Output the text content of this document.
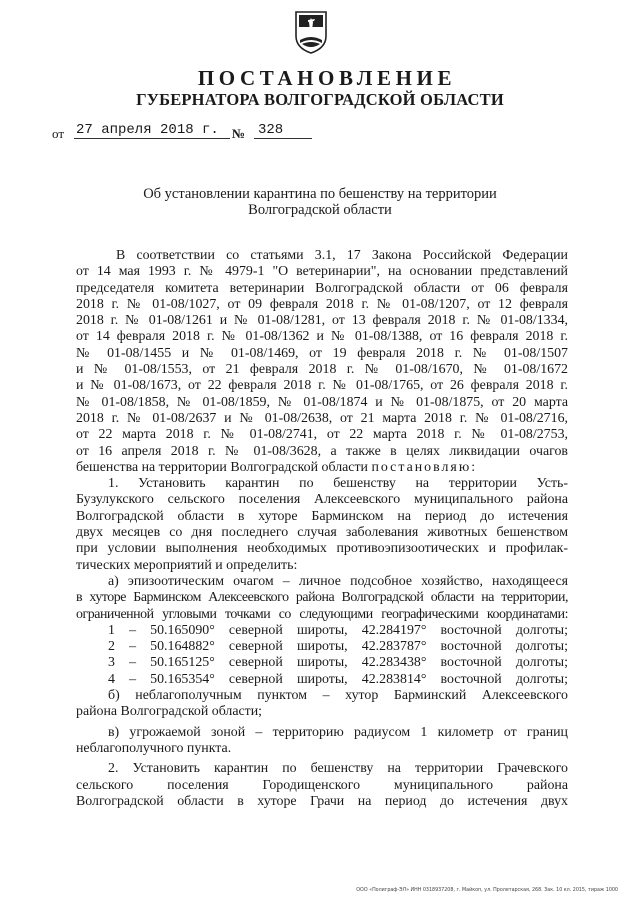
ПОСТАНОВЛЕНИЕ
ГУБЕРНАТОРА ВОЛГОГРАДСКОЙ ОБЛАСТИ
от 27 апреля 2018 г.	№ 328
Об установлении карантина по бешенству на территории
Волгоградской области
В соответствии со статьями 3.1, 17 Закона Российской Федерации
от 14 мая 1993 г. № 4979-1 "О ветеринарии", на основании представлений
председателя комитета ветеринарии Волгоградской области от 06 февраля
2018 г. № 01-08/1027, от 09 февраля 2018 г. № 01-08/1207, от 12 февраля
2018 г. № 01-08/1261 и № 01-08/1281, от 13 февраля 2018 г. № 01-08/1334,
от 14 февраля 2018 г. № 01-08/1362 и № 01-08/1388, от 16 февраля 2018 г.
№ 01-08/1455 и № 01-08/1469, от 19 февраля 2018 г. № 01-08/1507
и № 01-08/1553, от 21 февраля 2018 г. № 01-08/1670, № 01-08/1672
и № 01-08/1673, от 22 февраля 2018 г. № 01-08/1765, от 26 февраля 2018 г.
№ 01-08/1858, № 01-08/1859, № 01-08/1874 и № 01-08/1875, от 20 марта
2018 г. № 01-08/2637 и № 01-08/2638, от 21 марта 2018 г. № 01-08/2716,
от 22 марта 2018 г. № 01-08/2741, от 22 марта 2018 г. № 01-08/2753,
от 16 апреля 2018 г. № 01-08/3628, а также в целях ликвидации очагов
бешенства на территории Волгоградской области постановляю:
1. Установить карантин по бешенству на территории Усть-
Бузулукского сельского поселения Алексеевского муниципального района
Волгоградской области в хуторе Барминском на период до истечения
двух месяцев со дня последнего случая заболевания животных бешенством
при условии выполнения необходимых противоэпизоотических и профилак-
тических мероприятий и определить:
а) эпизоотическим очагом – личное подсобное хозяйство, находящееся
в хуторе Барминском Алексеевского района Волгоградской области на территории,
ограниченной угловыми точками со следующими географическими координатами:
1 – 50.165090° северной широты, 42.284197° восточной долготы;
2 – 50.164882° северной широты, 42.283787° восточной долготы;
3 – 50.165125° северной широты, 42.283438° восточной долготы;
4 – 50.165354° северной широты, 42.283814° восточной долготы;
б) неблагополучным пунктом – хутор Барминский Алексеевского
района Волгоградской области;
в) угрожаемой зоной – территорию радиусом 1 километр от границ
неблагополучного пункта.
2. Установить карантин по бешенству на территории Грачевского
сельского поселения Городищенского муниципального района
Волгоградской области в хуторе Грачи на период до истечения двух
ООО «Полиграф-ЭЛ» ИНН 0318937208, г. Майкоп, ул. Пролетарская, 268. Зак. 10 кл. 2015, тираж 1000
